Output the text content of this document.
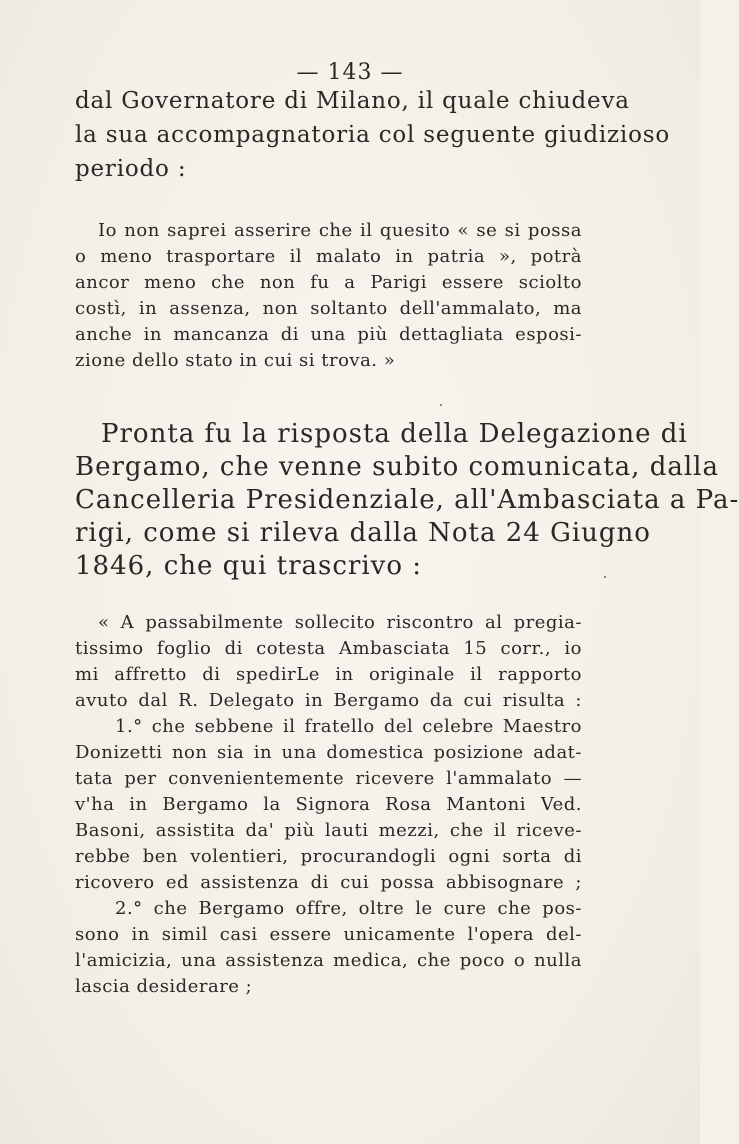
— 143 —
dal Governatore di Milano, il quale chiudeva
la sua accompagnatoria col seguente giudizioso
periodo :
Io non saprei asserire che il quesito « se si possa
o meno trasportare il malato in patria », potrà
ancor meno che non fu a Parigi essere sciolto
costì, in assenza, non soltanto dell'ammalato, ma
anche in mancanza di una più dettagliata esposi-
zione dello stato in cui si trova. »
Pronta fu la risposta della Delegazione di
Bergamo, che venne subito comunicata, dalla
Cancelleria Presidenziale, all'Ambasciata a Pa-
rigi, come si rileva dalla Nota 24 Giugno
1846, che qui trascrivo :
« A passabilmente sollecito riscontro al pregia-
tissimo foglio di cotesta Ambasciata 15 corr., io
mi affretto di spedirLe in originale il rapporto
avuto dal R. Delegato in Bergamo da cui risulta :
1.° che sebbene il fratello del celebre Maestro
Donizetti non sia in una domestica posizione adat-
tata per convenientemente ricevere l'ammalato —
v'ha in Bergamo la Signora Rosa Mantoni Ved.
Basoni, assistita da' più lauti mezzi, che il riceve-
rebbe ben volentieri, procurandogli ogni sorta di
ricovero ed assistenza di cui possa abbisognare ;
2.° che Bergamo offre, oltre le cure che pos-
sono in simil casi essere unicamente l'opera del-
l'amicizia, una assistenza medica, che poco o nulla
lascia desiderare ;
